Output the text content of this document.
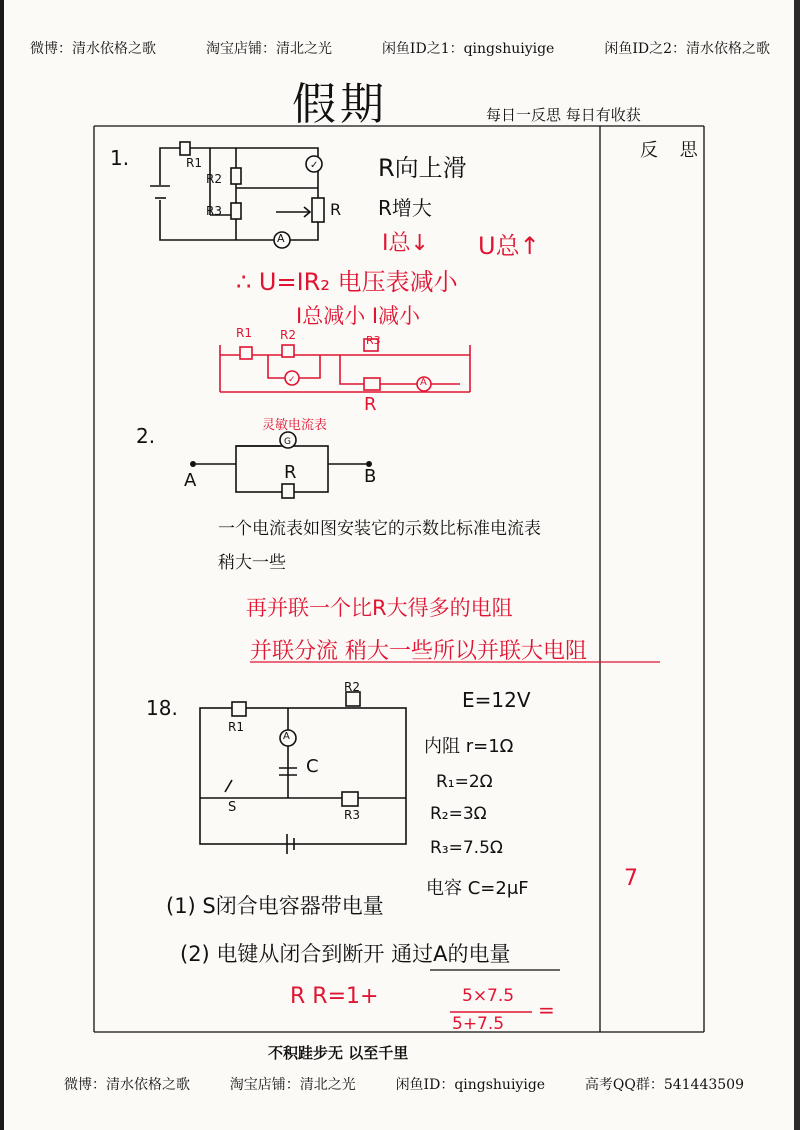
微博：清水依格之歌	淘宝店铺：清北之光	闲鱼ID之1：qingshuiyige	闲鱼ID之2：清水依格之歌
假期	每日一反思 每日有收获
反 思
✓
✓
G
1.	R1
R2
R3	R
A
R向上滑
R增大
I总↓ U总↑
∴ U=IR₂ 电压表减小
I总减小 I减小
R1 R2	R3
R
A
2.	灵敏电流表
A	B
R
一个电流表如图安装它的示数比标准电流表
稍大一些
再并联一个比R大得多的电阻
并联分流 稍大一些所以并联大电阻
18.
R1
R2
R3
S
C
A
E=12V
内阻 r=1Ω
R₁=2Ω
R₂=3Ω
R₃=7.5Ω
电容 C=2μF
(1) S闭合电容器带电量
(2) 电键从闭合到断开 通过A的电量
R R=1+	5×7.5
5+7.5
=
7
不积跬步无 以至千里
微博：清水依格之歌	淘宝店铺：清北之光	闲鱼ID：qingshuiyige	高考QQ群：541443509
